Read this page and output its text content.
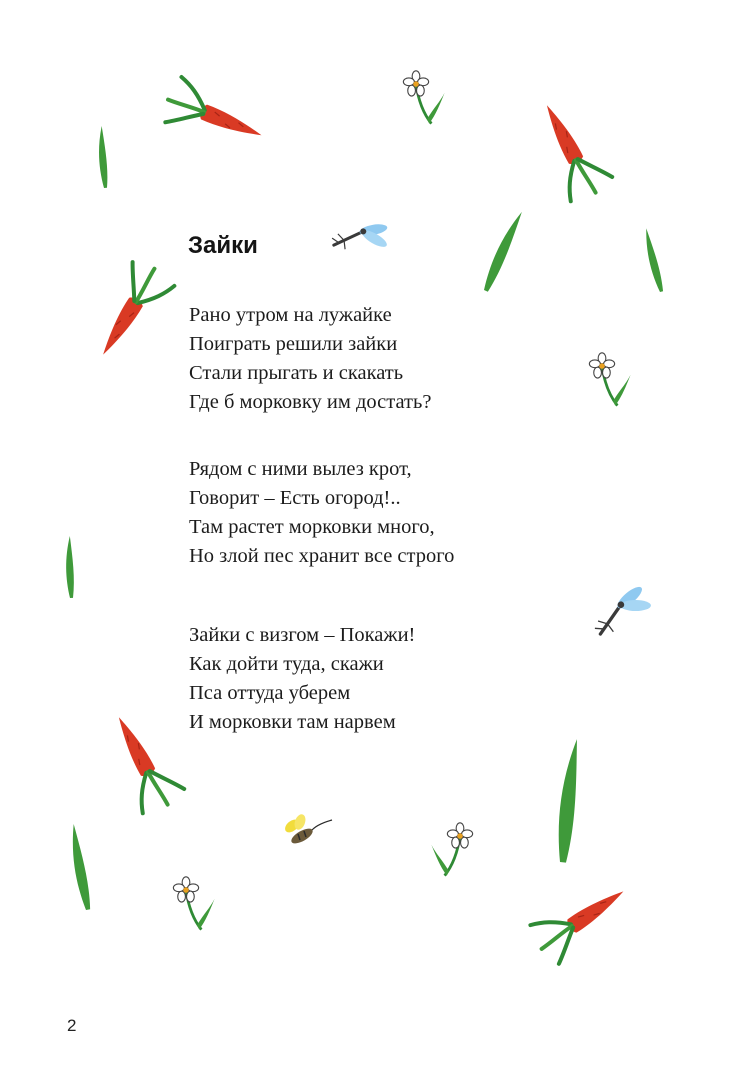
Зайки
Рано утром на лужайке
Поиграть решили зайки
Стали прыгать и скакать
Где б морковку им достать?
Рядом с ними вылез крот,
Говорит – Есть огород!..
Там растет морковки много,
Но злой пес хранит все строго
Зайки с визгом – Покажи!
Как дойти туда, скажи
Пса оттуда уберем
И морковки там нарвем
2
